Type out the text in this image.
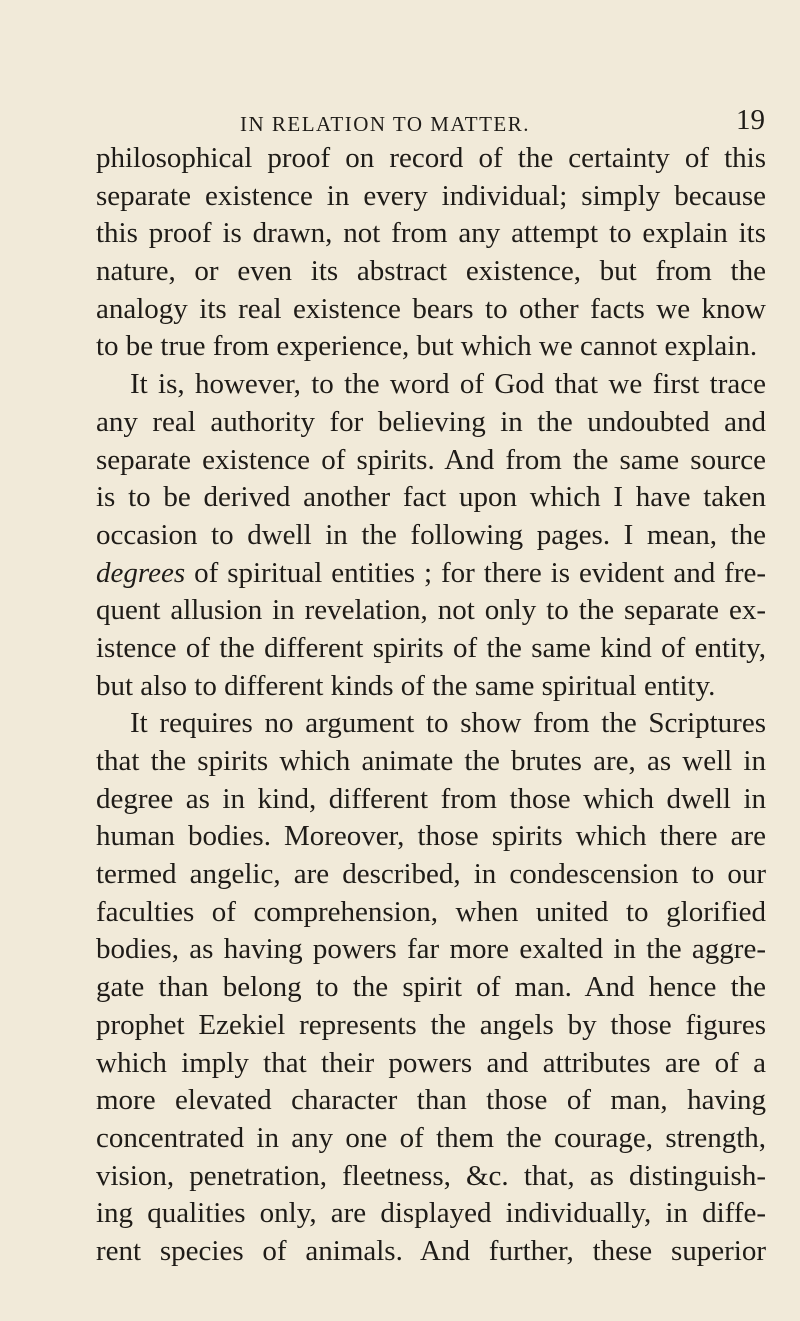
IN RELATION TO MATTER.	19
philosophical proof on record of the certainty of this
separate existence in every individual; simply because
this proof is drawn, not from any attempt to explain its
nature, or even its abstract existence, but from the
analogy its real existence bears to other facts we know
to be true from experience, but which we cannot explain.
It is, however, to the word of God that we first trace
any real authority for believing in the undoubted and
separate existence of spirits. And from the same source
is to be derived another fact upon which I have taken
occasion to dwell in the following pages. I mean, the
degrees of spiritual entities ; for there is evident and fre-
quent allusion in revelation, not only to the separate ex-
istence of the different spirits of the same kind of entity,
but also to different kinds of the same spiritual entity.
It requires no argument to show from the Scriptures
that the spirits which animate the brutes are, as well in
degree as in kind, different from those which dwell in
human bodies. Moreover, those spirits which there are
termed angelic, are described, in condescension to our
faculties of comprehension, when united to glorified
bodies, as having powers far more exalted in the aggre-
gate than belong to the spirit of man. And hence the
prophet Ezekiel represents the angels by those figures
which imply that their powers and attributes are of a
more elevated character than those of man, having
concentrated in any one of them the courage, strength,
vision, penetration, fleetness, &c. that, as distinguish-
ing qualities only, are displayed individually, in diffe-
rent species of animals. And further, these superior
